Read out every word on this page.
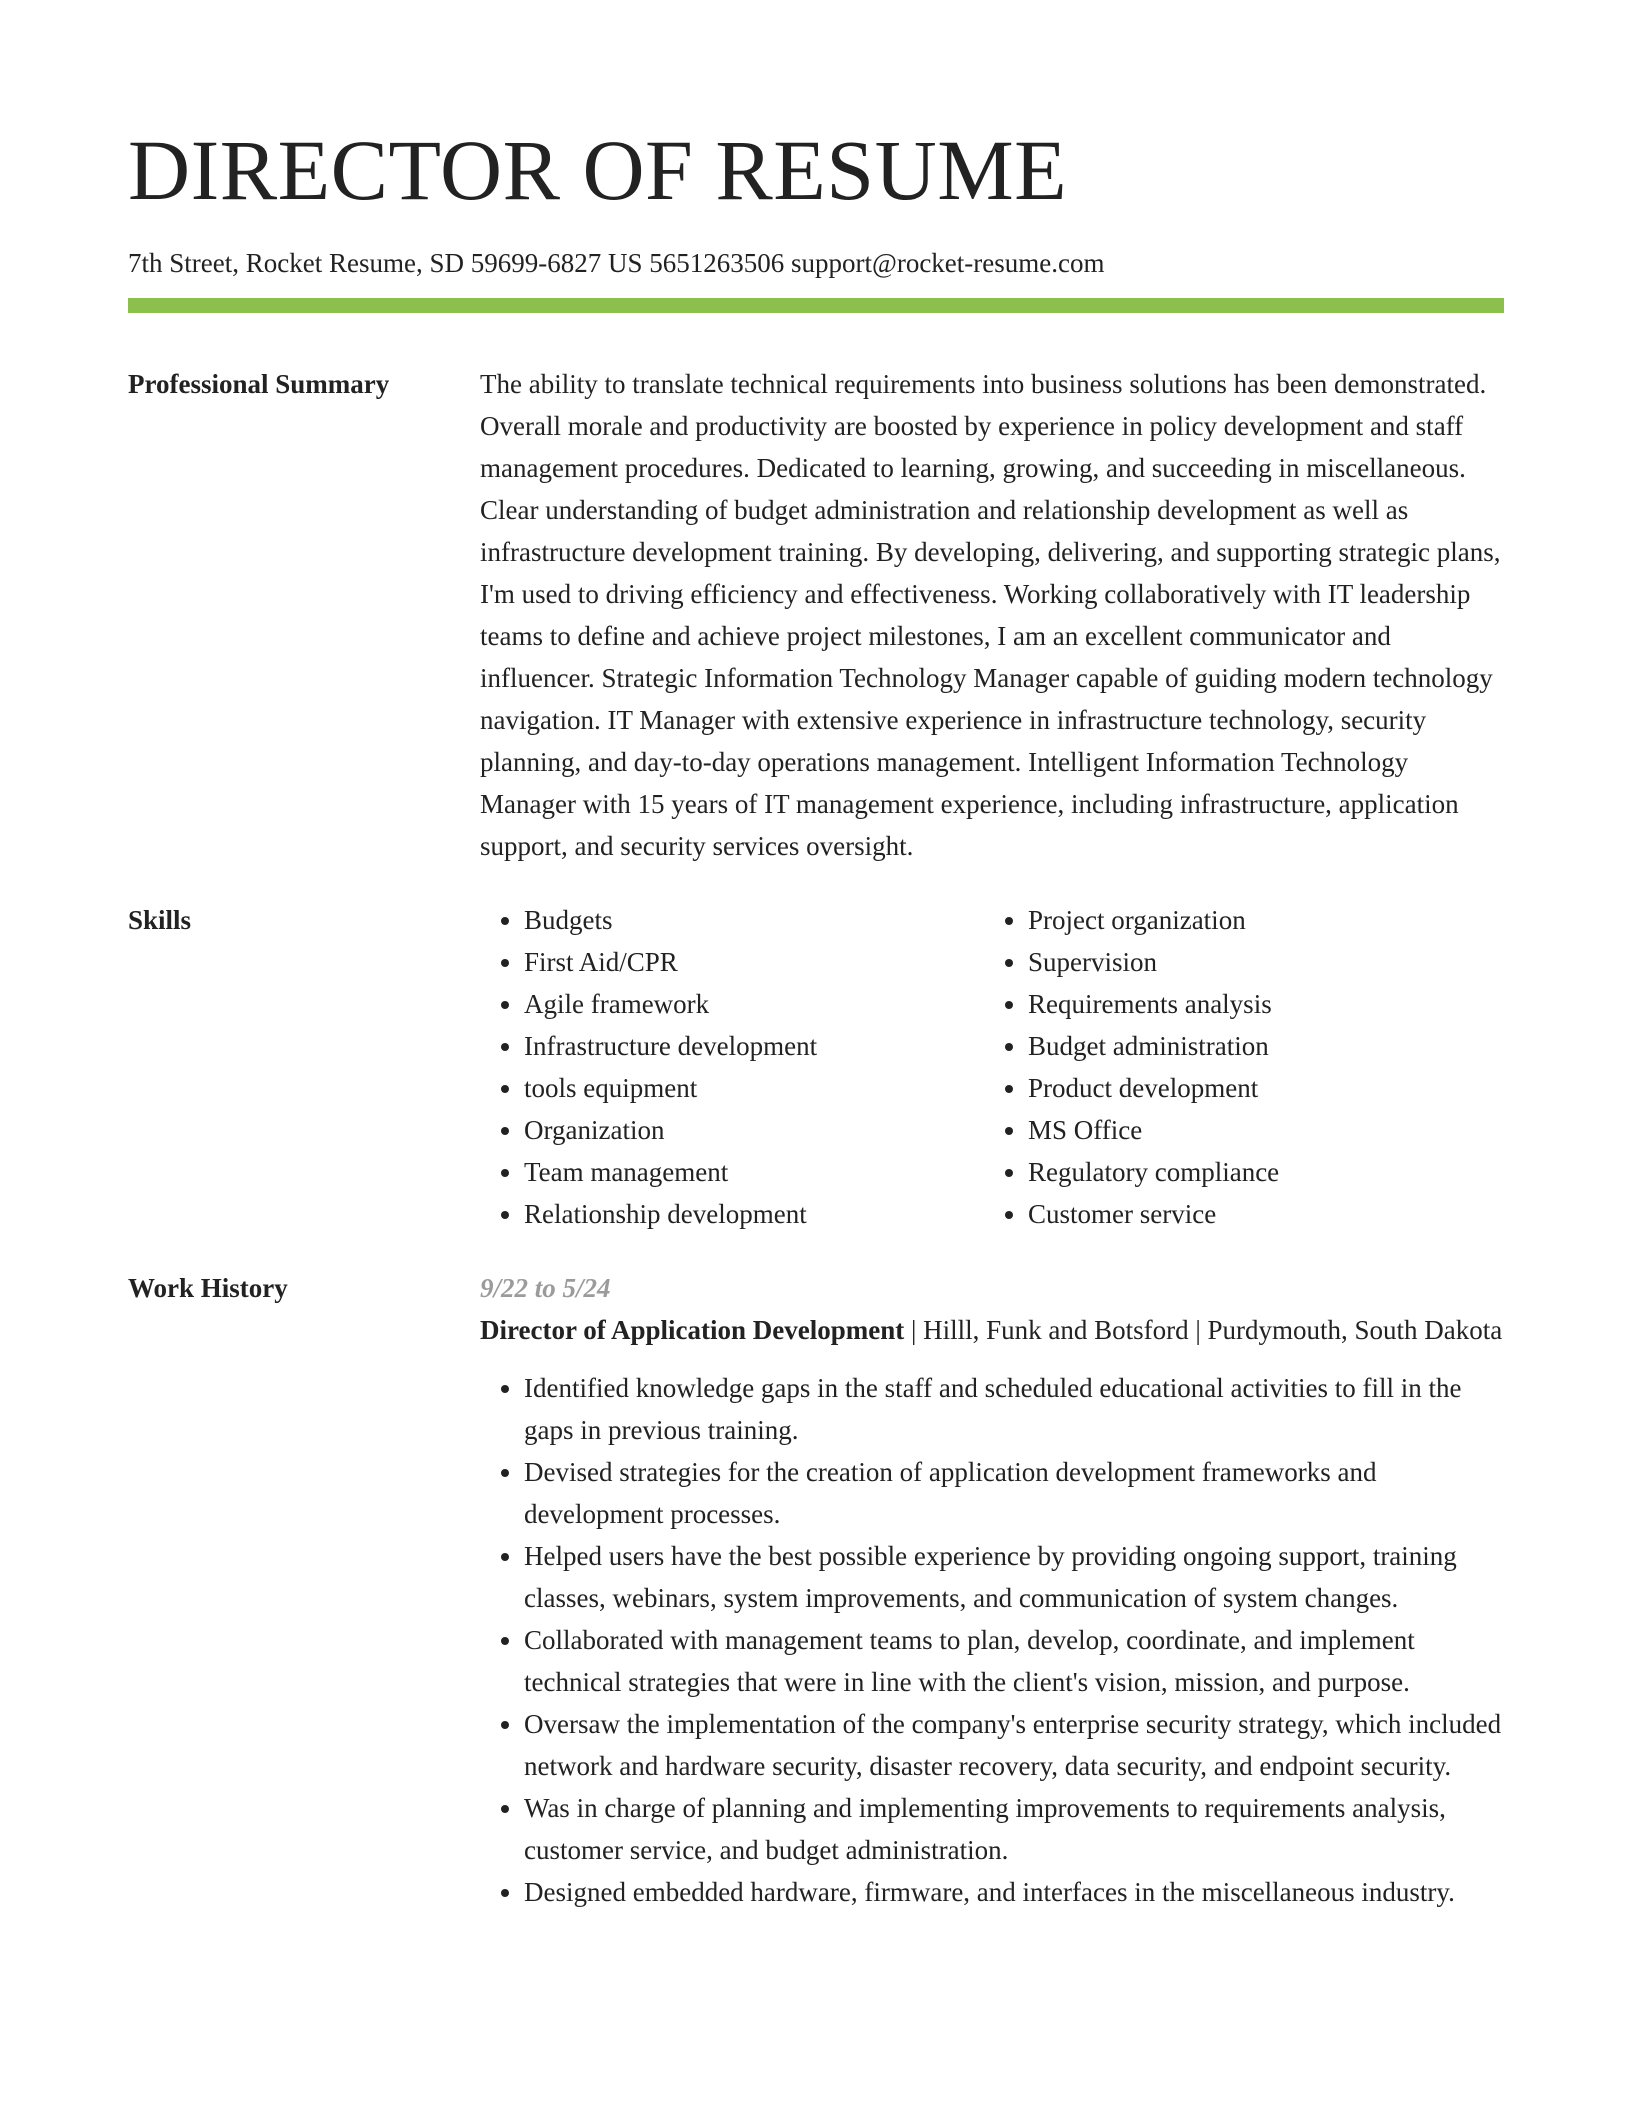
DIRECTOR OF RESUME
7th Street, Rocket Resume, SD 59699-6827 US 5651263506 support@rocket-resume.com
Professional Summary	The ability to translate technical requirements into business solutions has been demonstrated. Overall morale and productivity are boosted by experience in policy development and staff management procedures. Dedicated to learning, growing, and succeeding in miscellaneous. Clear understanding of budget administration and relationship development as well as infrastructure development training. By developing, delivering, and supporting strategic plans, I'm used to driving efficiency and effectiveness. Working collaboratively with IT leadership teams to define and achieve project milestones, I am an excellent communicator and influencer. Strategic Information Technology Manager capable of guiding modern technology navigation. IT Manager with extensive experience in infrastructure technology, security planning, and day-to-day operations management. Intelligent Information Technology Manager with 15 years of IT management experience, including infrastructure, application support, and security services oversight.

Skills
•	Budgets
• First Aid/CPR
• Agile framework
• Infrastructure development
• tools equipment
• Organization
• Team management
• Relationship development
• Project organization
• Supervision
• Requirements analysis
• Budget administration
• Product development
• MS Office
• Regulatory compliance
• Customer service
Work History	9/22 to 5/24
Director of Application Development | Hilll, Funk and Botsford | Purdymouth, South Dakota
• Identified knowledge gaps in the staff and scheduled educational activities to fill in the gaps in previous training.
• Devised strategies for the creation of application development frameworks and development processes.
• Helped users have the best possible experience by providing ongoing support, training classes, webinars, system improvements, and communication of system changes.
• Collaborated with management teams to plan, develop, coordinate, and implement technical strategies that were in line with the client's vision, mission, and purpose.
• Oversaw the implementation of the company's enterprise security strategy, which included network and hardware security, disaster recovery, data security, and endpoint security.
• Was in charge of planning and implementing improvements to requirements analysis, customer service, and budget administration.
• Designed embedded hardware, firmware, and interfaces in the miscellaneous industry.
